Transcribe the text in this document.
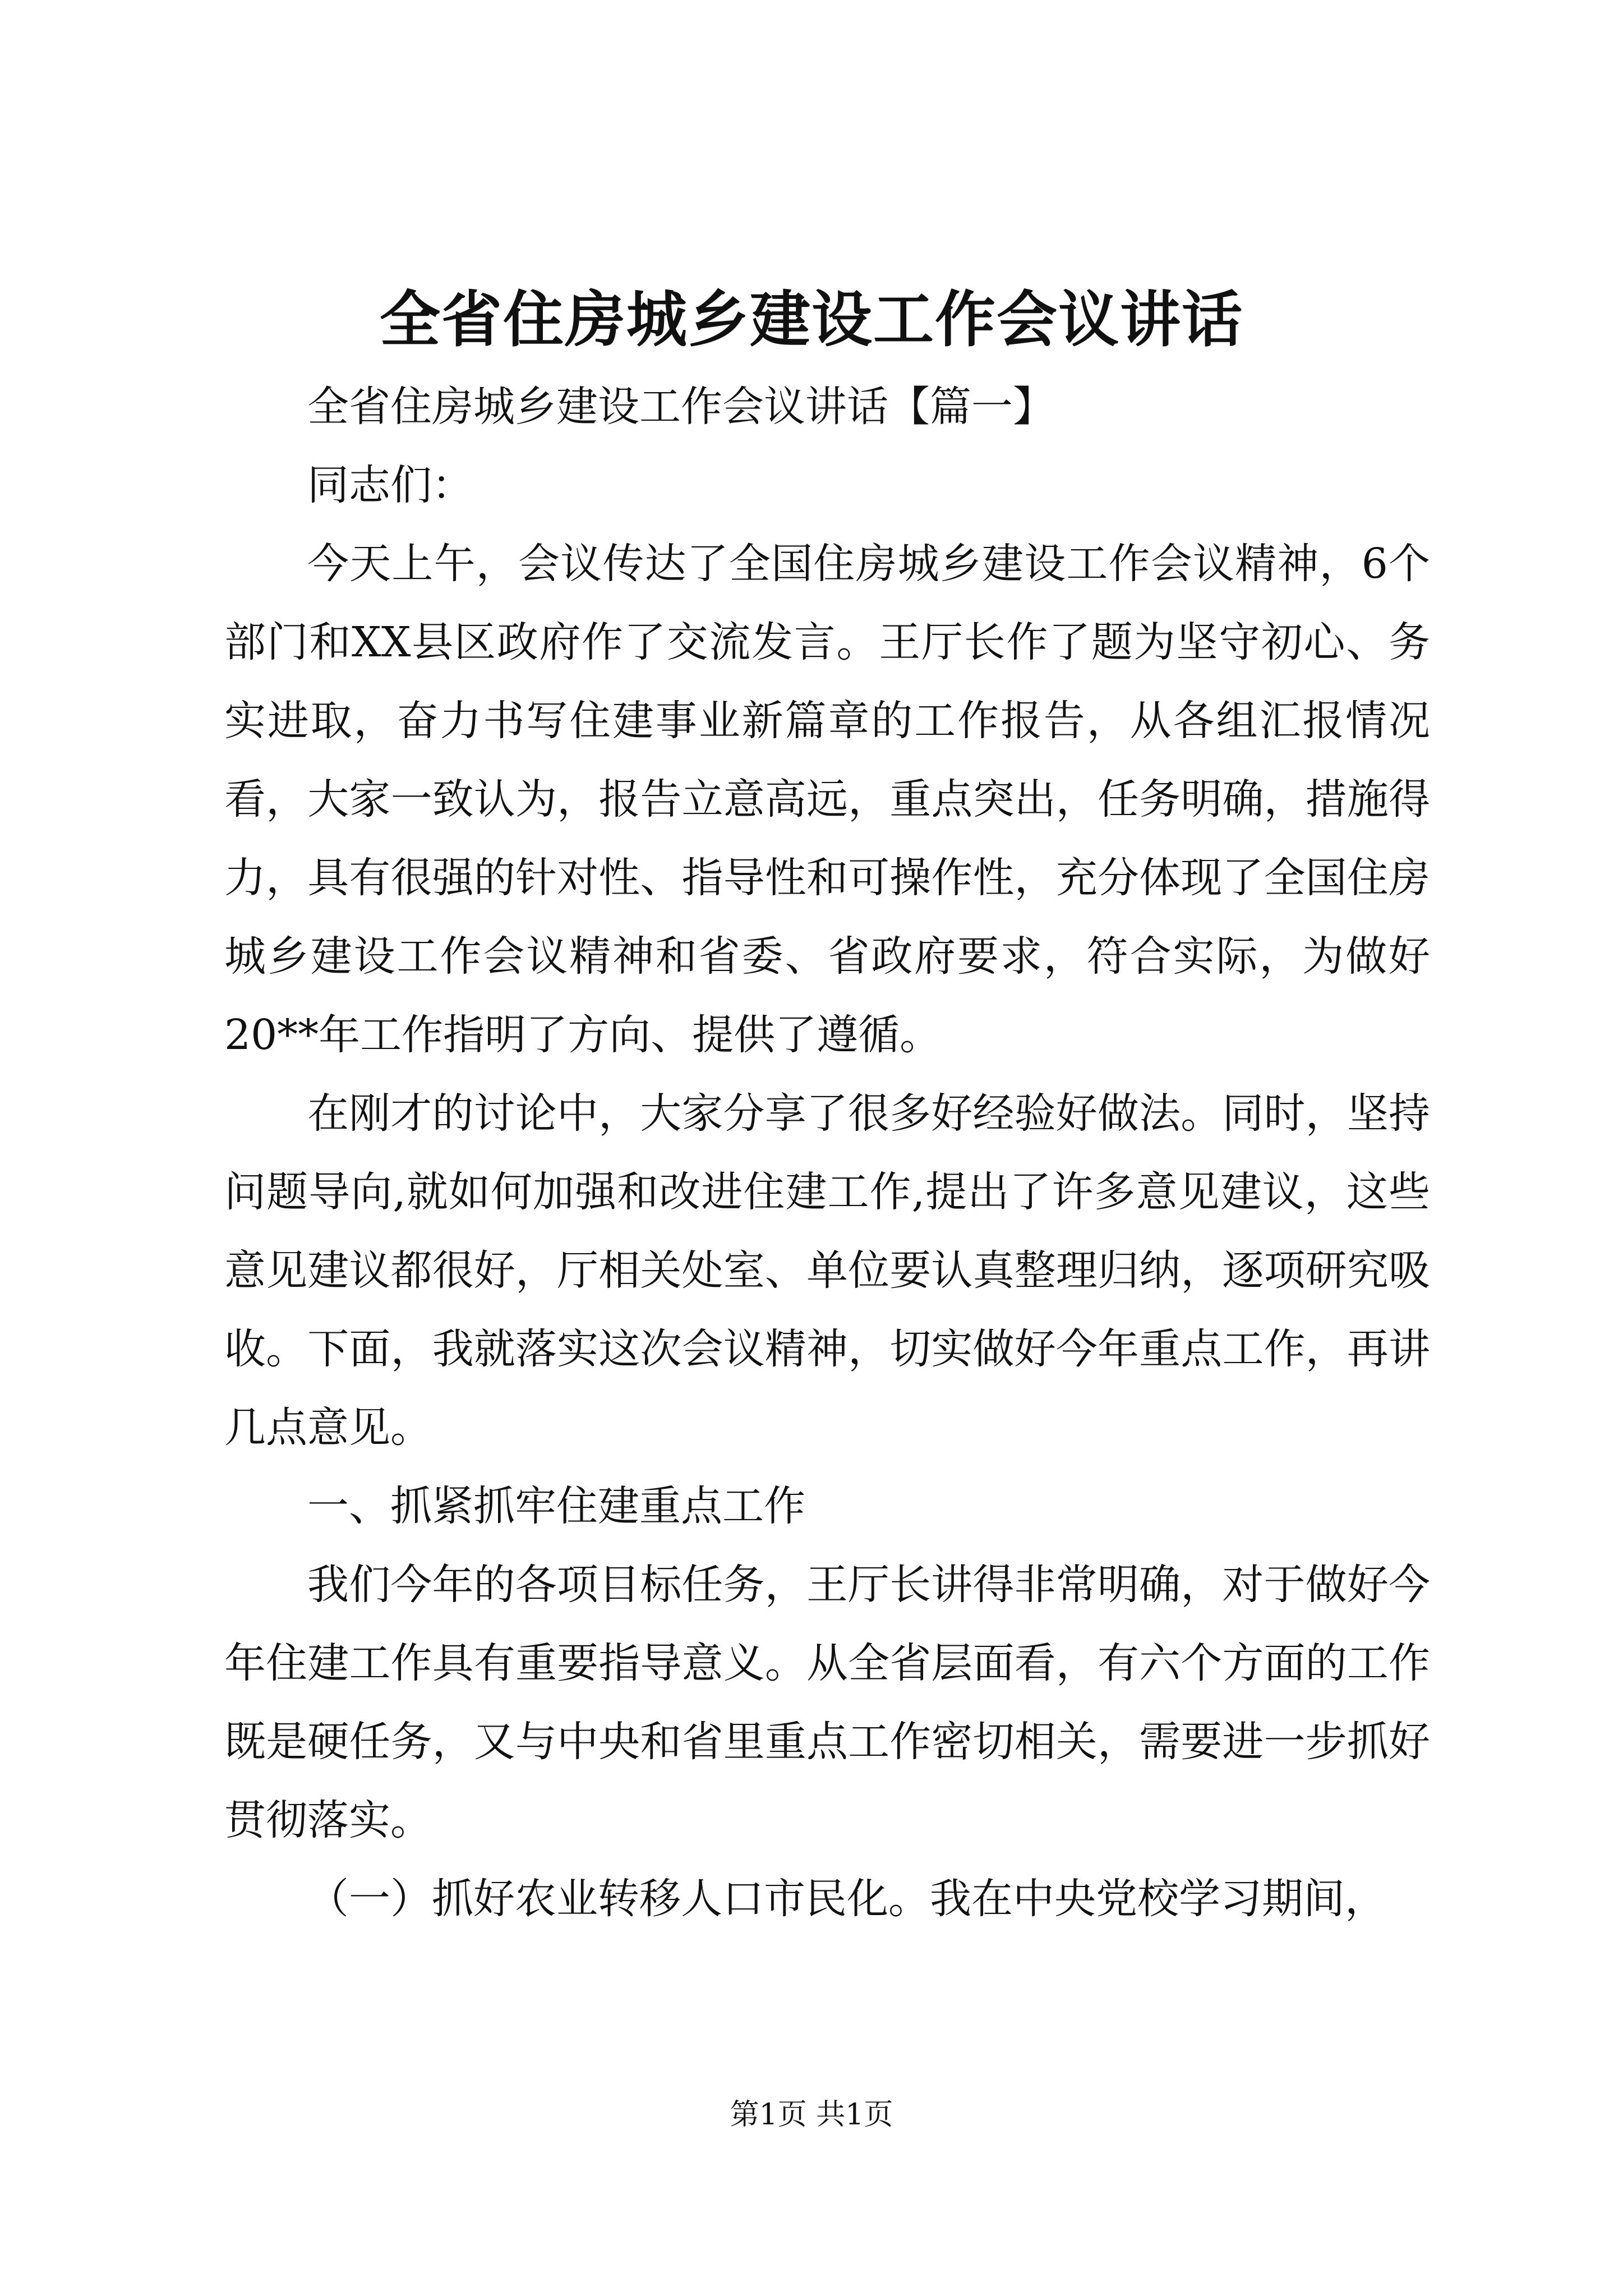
全省住房城乡建设工作会议讲话

全省住房城乡建设工作会议讲话【篇一】

同志们：

今天上午，会议传达了全国住房城乡建设工作会议精神，6个部门和XX县区政府作了交流发言。王厅长作了题为坚守初心、务实进取，奋力书写住建事业新篇章的工作报告，从各组汇报情况看，大家一致认为，报告立意高远，重点突出，任务明确，措施得力，具有很强的针对性、指导性和可操作性，充分体现了全国住房城乡建设工作会议精神和省委、省政府要求，符合实际，为做好20**年工作指明了方向、提供了遵循。

在刚才的讨论中，大家分享了很多好经验好做法。同时，坚持问题导向,就如何加强和改进住建工作,提出了许多意见建议，这些意见建议都很好，厅相关处室、单位要认真整理归纳，逐项研究吸收。下面，我就落实这次会议精神，切实做好今年重点工作，再讲几点意见。

一、抓紧抓牢住建重点工作

我们今年的各项目标任务，王厅长讲得非常明确，对于做好今年住建工作具有重要指导意义。从全省层面看，有六个方面的工作既是硬任务，又与中央和省里重点工作密切相关，需要进一步抓好贯彻落实。

（一）抓好农业转移人口市民化。我在中央党校学习期间，

第1页 共1页
